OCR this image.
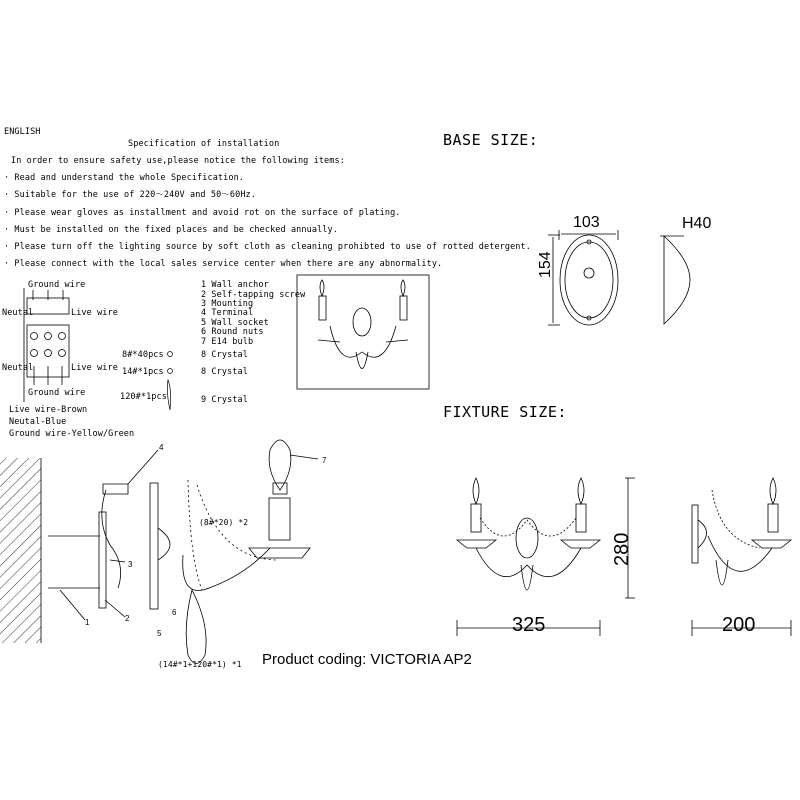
ENGLISH
Specification of installation
In order to ensure safety use,please notice the following items:
· Read and understand the whole Specification.
· Suitable for the use of 220～240V and 50～60Hz.
· Please wear gloves as installment and avoid rot on the surface of plating.
· Must be installed on the fixed places and be checked annually.
· Please turn off the lighting source by soft cloth as cleaning prohibted to use of rotted detergent.
· Please connect with the local sales service center when there are any abnormality.
BASE SIZE:
FIXTURE SIZE:
Ground wire
Neutal	Live wire
Neutal	Live wire
Ground wire
Live wire-Brown
Neutal-Blue
Ground wire-Yellow/Green
1 Wall anchor
2 Self-tapping screw
3 Mounting
4 Terminal
5 Wall socket
6 Round nuts
7 E14 bulb
8#*40pcs	8 Crystal
14#*1pcs	8 Crystal
120#*1pcs	9 Crystal
1	2
3
4
5
6
7
(8#*20) *2
(14#*1+120#*1) *1
103
154
H40
325
280
200
Product coding: VICTORIA AP2
